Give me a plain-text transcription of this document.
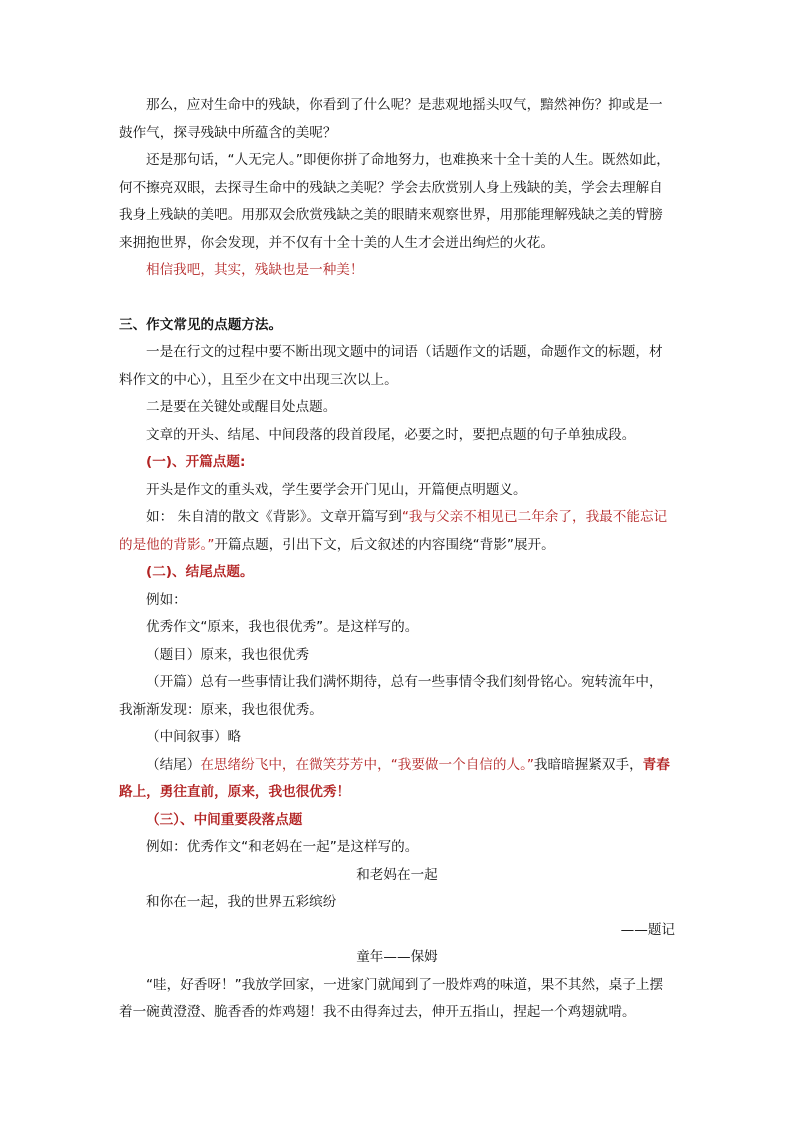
那么，应对生命中的残缺，你看到了什么呢？是悲观地摇头叹气，黯然神伤？抑或是一鼓作气，探寻残缺中所蕴含的美呢？

还是那句话，“人无完人。”即便你拼了命地努力，也难换来十全十美的人生。既然如此，何不擦亮双眼，去探寻生命中的残缺之美呢？学会去欣赏别人身上残缺的美，学会去理解自我身上残缺的美吧。用那双会欣赏残缺之美的眼睛来观察世界，用那能理解残缺之美的臂膀来拥抱世界，你会发现，并不仅有十全十美的人生才会迸出绚烂的火花。

相信我吧，其实，残缺也是一种美！

三、作文常见的点题方法。

一是在行文的过程中要不断出现文题中的词语（话题作文的话题，命题作文的标题，材料作文的中心），且至少在文中出现三次以上。

二是要在关键处或醒目处点题。

文章的开头、结尾、中间段落的段首段尾，必要之时，要把点题的句子单独成段。

(一)、开篇点题:

开头是作文的重头戏，学生要学会开门见山，开篇便点明题义。

如： 朱自清的散文《背影》。文章开篇写到“我与父亲不相见已二年余了，我最不能忘记的是他的背影。”开篇点题，引出下文，后文叙述的内容围绕“背影”展开。

(二)、结尾点题。

例如：

优秀作文“原来，我也很优秀”。是这样写的。

（题目）原来，我也很优秀

（开篇）总有一些事情让我们满怀期待，总有一些事情令我们刻骨铭心。宛转流年中，我渐渐发现：原来，我也很优秀。

（中间叙事）略

（结尾）在思绪纷飞中，在微笑芬芳中，“我要做一个自信的人。”我暗暗握紧双手，青春路上，勇往直前，原来，我也很优秀！

（三）、中间重要段落点题

例如：优秀作文“和老妈在一起”是这样写的。

和老妈在一起

和你在一起，我的世界五彩缤纷

——题记

童年——保姆

“哇，好香呀！”我放学回家，一进家门就闻到了一股炸鸡的味道，果不其然，桌子上摆着一碗黄澄澄、脆香香的炸鸡翅！我不由得奔过去，伸开五指山，捏起一个鸡翅就啃。
